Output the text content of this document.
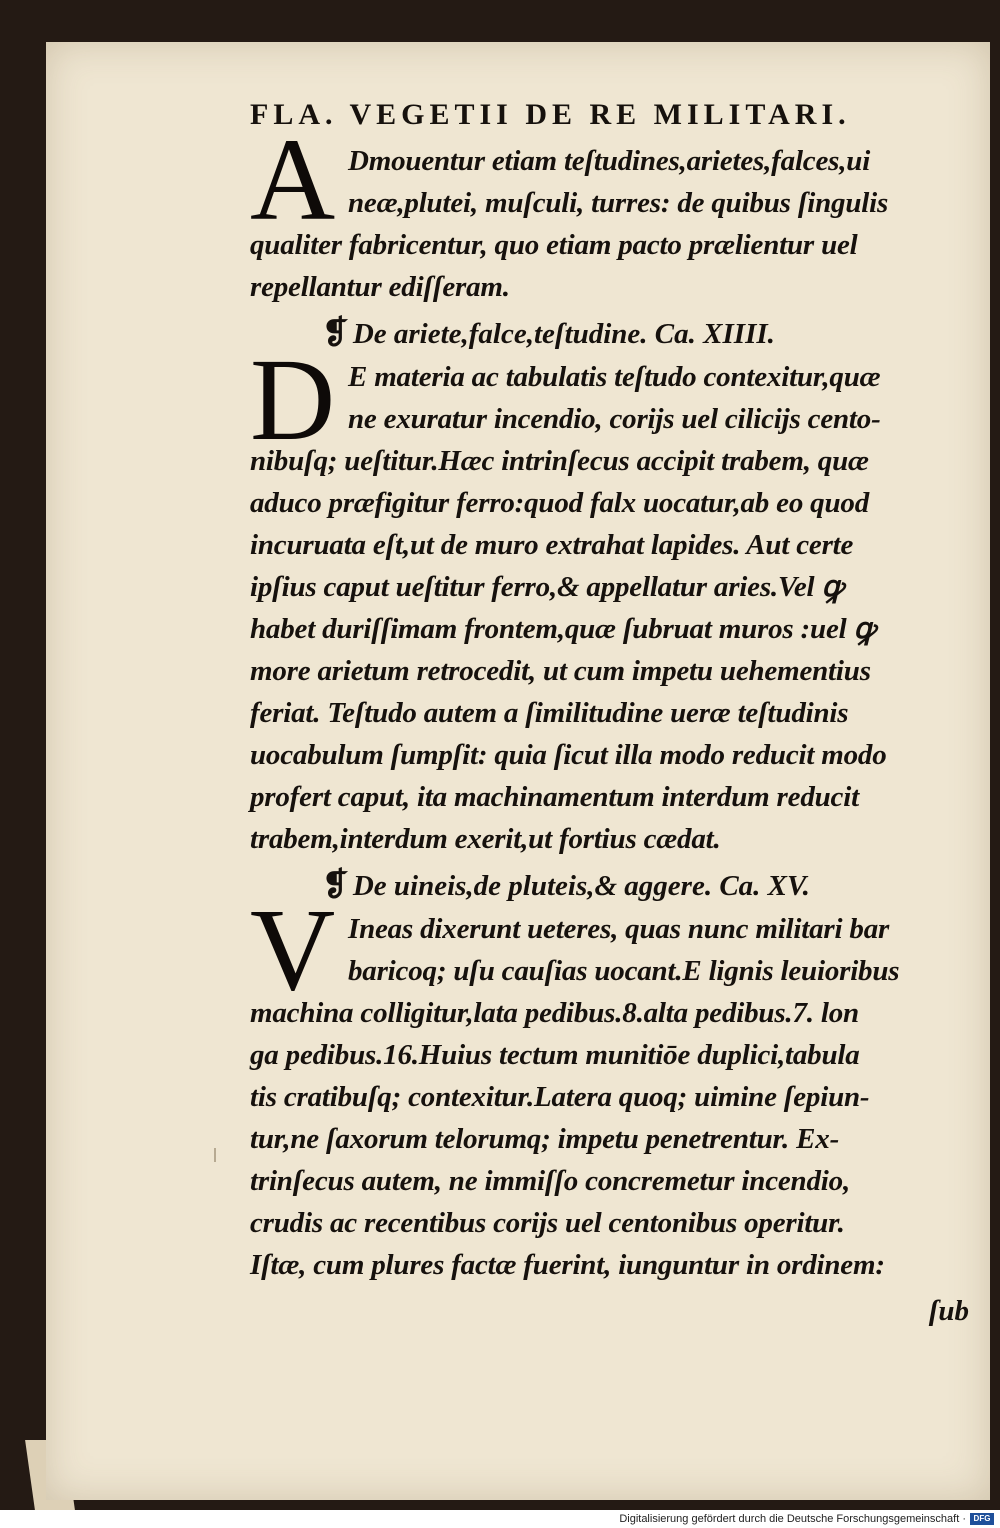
FLA. VEGETII DE RE MILITARI.
A Dmouentur etiam teſtudines,arietes,falces,ui
neæ,plutei, muſculi, turres: de quibus ſingulis
qualiter fabricentur, quo etiam pacto prælientur uel
repellantur ediſſeram.
❡ De ariete,falce,teſtudine. Ca. XIIII.
D E materia ac tabulatis teſtudo contexitur,quæ
ne exuratur incendio, corijs uel cilicijs cento-
nibuſq; ueſtitur.Hæc intrinſecus accipit trabem, quæ
aduco præfigitur ferro:quod falx uocatur,ab eo quod
incuruata eſt,ut de muro extrahat lapides. Aut certe
ipſius caput ueſtitur ferro,& appellatur aries.Vel ꝙ
habet duriſſimam frontem,quæ ſubruat muros :uel ꝙ
more arietum retrocedit, ut cum impetu uehementius
feriat. Teſtudo autem a ſimilitudine ueræ teſtudinis
uocabulum ſumpſit: quia ſicut illa modo reducit modo
profert caput, ita machinamentum interdum reducit
trabem,interdum exerit,ut fortius cædat.
❡ De uineis,de pluteis,& aggere. Ca. XV.
V Ineas dixerunt ueteres, quas nunc militari bar
baricoq; uſu cauſias uocant.E lignis leuioribus
machina colligitur,lata pedibus.8.alta pedibus.7. lon
ga pedibus.16.Huius tectum munitiōe duplici,tabula
tis cratibuſq; contexitur.Latera quoq; uimine ſepiun-
tur,ne ſaxorum telorumq; impetu penetrentur. Ex-
trinſecus autem, ne immiſſo concremetur incendio,
crudis ac recentibus corijs uel centonibus operitur.
Iſtæ, cum plures factæ fuerint, iunguntur in ordinem:
ſub
Digitalisierung gefördert durch die Deutsche Forschungsgemeinschaft · DFG
